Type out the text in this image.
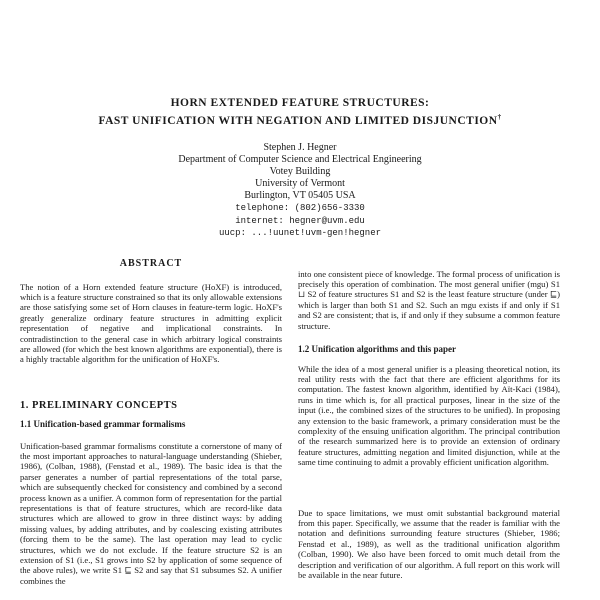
HORN EXTENDED FEATURE STRUCTURES:
FAST UNIFICATION WITH NEGATION AND LIMITED DISJUNCTION†
Stephen J. Hegner
Department of Computer Science and Electrical Engineering
Votey Building
University of Vermont
Burlington, VT 05405 USA
telephone: (802)656-3330
internet: hegner@uvm.edu
uucp: ...!uunet!uvm-gen!hegner
ABSTRACT

The notion of a Horn extended feature structure (HoXF) is introduced, which is a feature structure constrained so that its only allowable extensions are those satisfying some set of Horn clauses in feature-term logic. HoXF's greatly generalize ordinary feature structures in admitting explicit representation of negative and implicational constraints. In contradistinction to the general case in which arbitrary logical constraints are allowed (for which the best known algorithms are exponential), there is a highly tractable algorithm for the unification of HoXF's.

1. PRELIMINARY CONCEPTS
1.1 Unification-based grammar formalisms

Unification-based grammar formalisms constitute a cornerstone of many of the most important approaches to natural-language understanding (Shieber, 1986), (Colban, 1988), (Fenstad et al., 1989). The basic idea is that the parser generates a number of partial representations of the total parse, which are subsequently checked for consistency and combined by a second process known as a unifier. A common form of representation for the partial representations is that of feature structures, which are record-like data structures which are allowed to grow in three distinct ways: by adding missing values, by adding attributes, and by coalescing existing attributes (forcing them to be the same). The last operation may lead to cyclic structures, which we do not exclude. If the feature structure S2 is an extension of S1 (i.e., S1 grows into S2 by application of some sequence of the above rules), we write S1 ⊑ S2 and say that S1 subsumes S2. A unifier combines the

into one consistent piece of knowledge. The formal process of unification is precisely this operation of combination. The most general unifier (mgu) S1 ⊔ S2 of feature structures S1 and S2 is the least feature structure (under ⊑) which is larger than both S1 and S2. Such an mgu exists if and only if S1 and S2 are consistent; that is, if and only if they subsume a common feature structure.

1.2 Unification algorithms and this paper

While the idea of a most general unifier is a pleasing theoretical notion, its real utility rests with the fact that there are efficient algorithms for its computation. The fastest known algorithm, identified by Aït-Kaci (1984), runs in time which is, for all practical purposes, linear in the size of the input (i.e., the combined sizes of the structures to be unified). In proposing any extension to the basic framework, a primary consideration must be the complexity of the ensuing unification algorithm. The principal contribution of the research summarized here is to provide an extension of ordinary feature structures, admitting negation and limited disjunction, while at the same time continuing to admit a provably efficient unification algorithm.

Due to space limitations, we must omit substantial background material from this paper. Specifically, we assume that the reader is familiar with the notation and definitions surrounding feature structures (Shieber, 1986; Fenstad et al., 1989), as well as the traditional unification algorithm (Colban, 1990). We also have been forced to omit much detail from the description and verification of our algorithm. A full report on this work will be available in the near future.
